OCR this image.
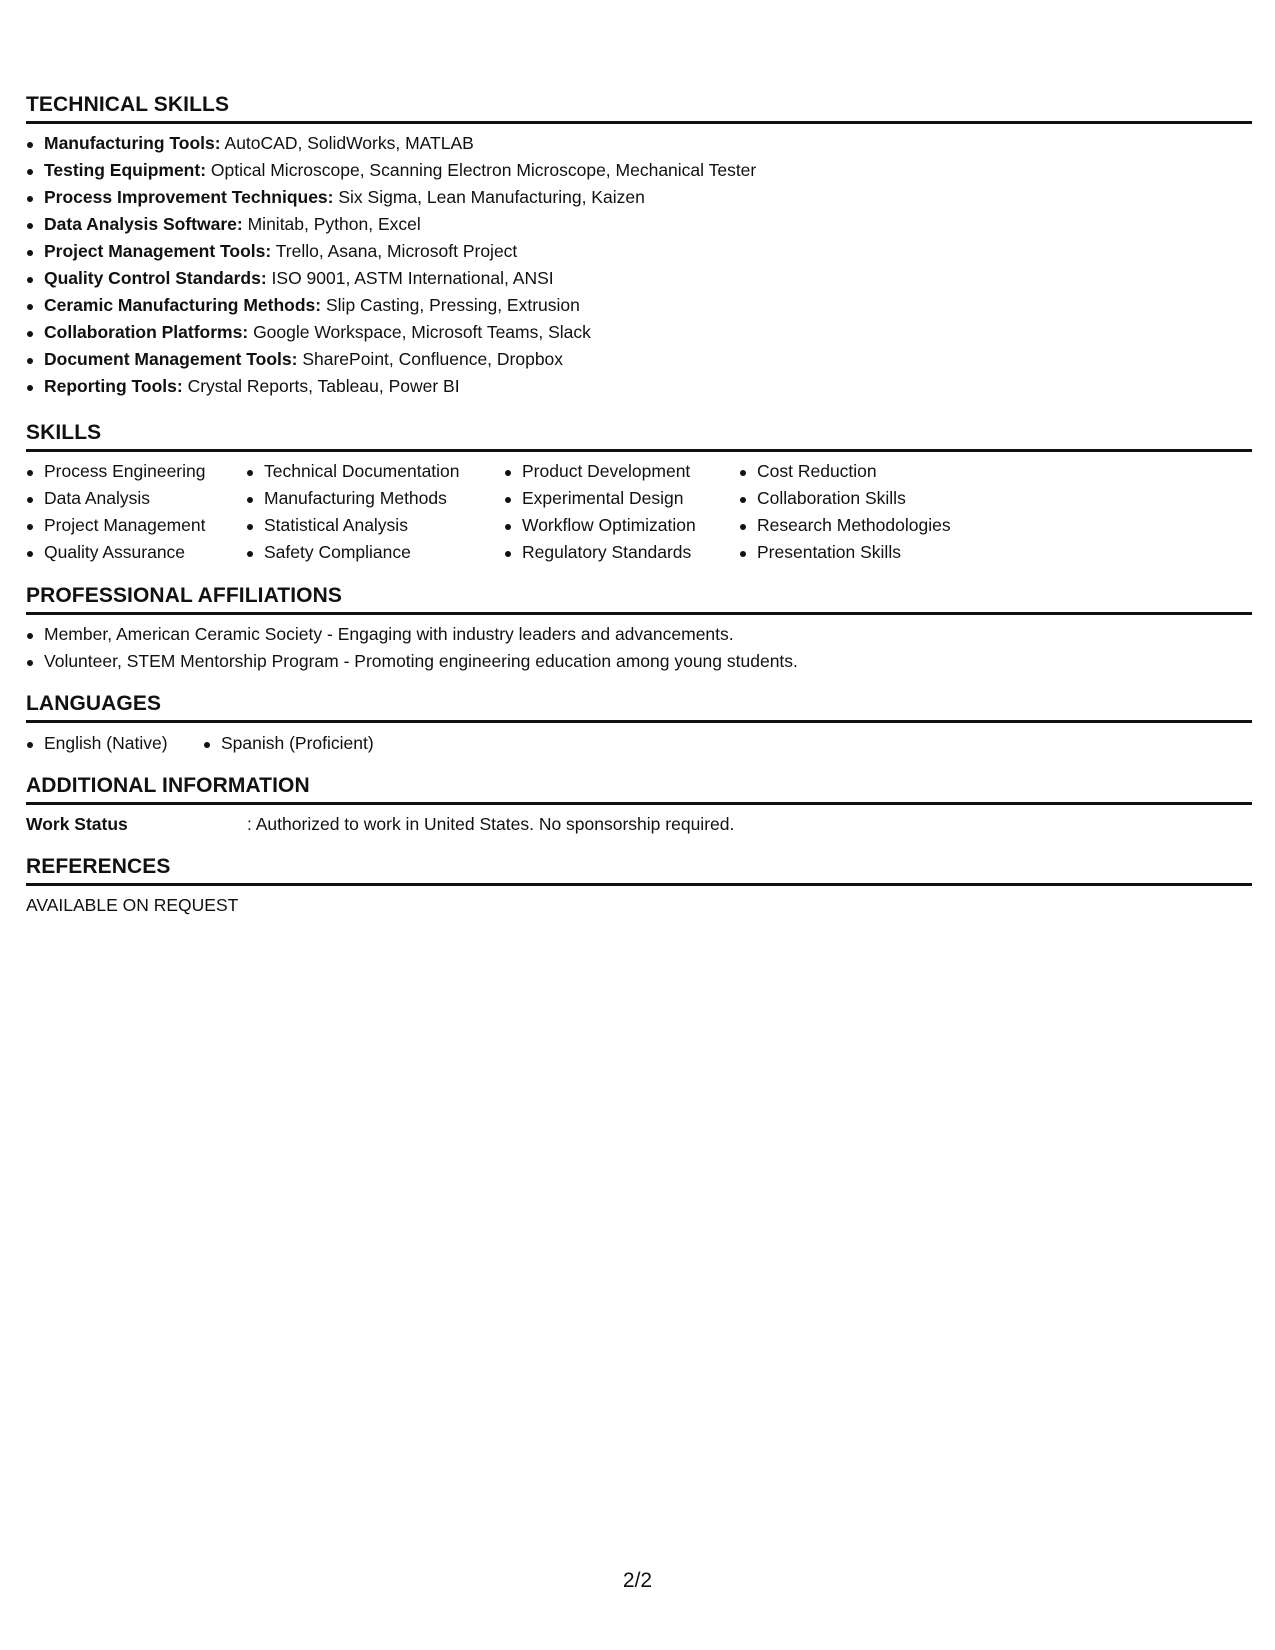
TECHNICAL SKILLS
Manufacturing Tools: AutoCAD, SolidWorks, MATLAB
Testing Equipment: Optical Microscope, Scanning Electron Microscope, Mechanical Tester
Process Improvement Techniques: Six Sigma, Lean Manufacturing, Kaizen
Data Analysis Software: Minitab, Python, Excel
Project Management Tools: Trello, Asana, Microsoft Project
Quality Control Standards: ISO 9001, ASTM International, ANSI
Ceramic Manufacturing Methods: Slip Casting, Pressing, Extrusion
Collaboration Platforms: Google Workspace, Microsoft Teams, Slack
Document Management Tools: SharePoint, Confluence, Dropbox
Reporting Tools: Crystal Reports, Tableau, Power BI
SKILLS
Process Engineering
Data Analysis
Project Management
Quality Assurance
Technical Documentation
Manufacturing Methods
Statistical Analysis
Safety Compliance
Product Development
Experimental Design
Workflow Optimization
Regulatory Standards
Cost Reduction
Collaboration Skills
Research Methodologies
Presentation Skills
PROFESSIONAL AFFILIATIONS
Member, American Ceramic Society - Engaging with industry leaders and advancements.
Volunteer, STEM Mentorship Program - Promoting engineering education among young students.
LANGUAGES
English (Native)	Spanish (Proficient)
ADDITIONAL INFORMATION
Work Status	: Authorized to work in United States. No sponsorship required.
REFERENCES
AVAILABLE ON REQUEST
2/2
